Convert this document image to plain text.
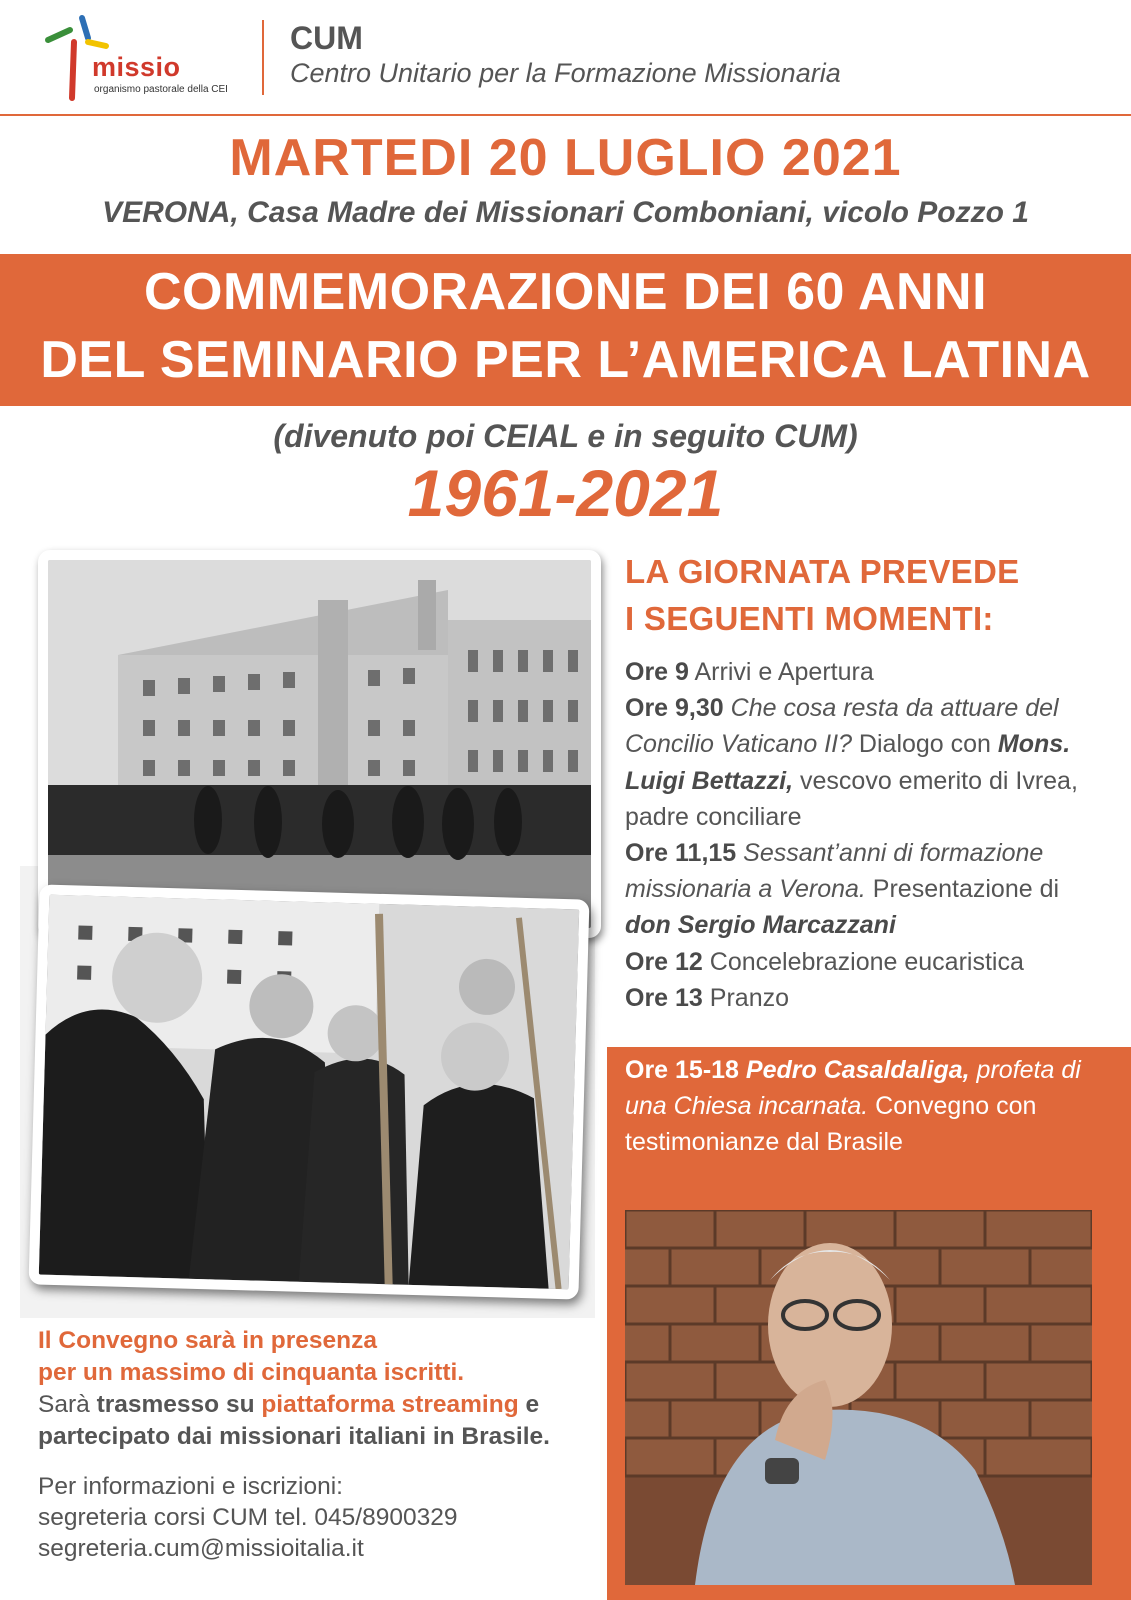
missio
organismo pastorale della CEI
CUM
Centro Unitario per la Formazione Missionaria
MARTEDI 20 LUGLIO 2021
VERONA, Casa Madre dei Missionari Comboniani, vicolo Pozzo 1
COMMEMORAZIONE DEI 60 ANNI
DEL SEMINARIO PER L’AMERICA LATINA
(divenuto poi CEIAL e in seguito CUM)
1961-2021
LA GIORNATA PREVEDE
I SEGUENTI MOMENTI:
Ore 9 Arrivi e Apertura
Ore 9,30 Che cosa resta da attuare del Concilio Vaticano II? Dialogo con Mons. Luigi Bettazzi, vescovo emerito di Ivrea, padre conciliare
Ore 11,15 Sessant’anni di formazione missionaria a Verona. Presentazione di don Sergio Marcazzani
Ore 12 Concelebrazione eucaristica
Ore 13 Pranzo
Ore 15-18 Pedro Casaldaliga, profeta di una Chiesa incarnata. Convegno con testimonianze dal Brasile
Il Convegno sarà in presenza
per un massimo di cinquanta iscritti.
Sarà trasmesso su piattaforma streaming e
partecipato dai missionari italiani in Brasile.
Per informazioni e iscrizioni:
segreteria corsi CUM tel. 045/8900329
segreteria.cum@missioitalia.it
